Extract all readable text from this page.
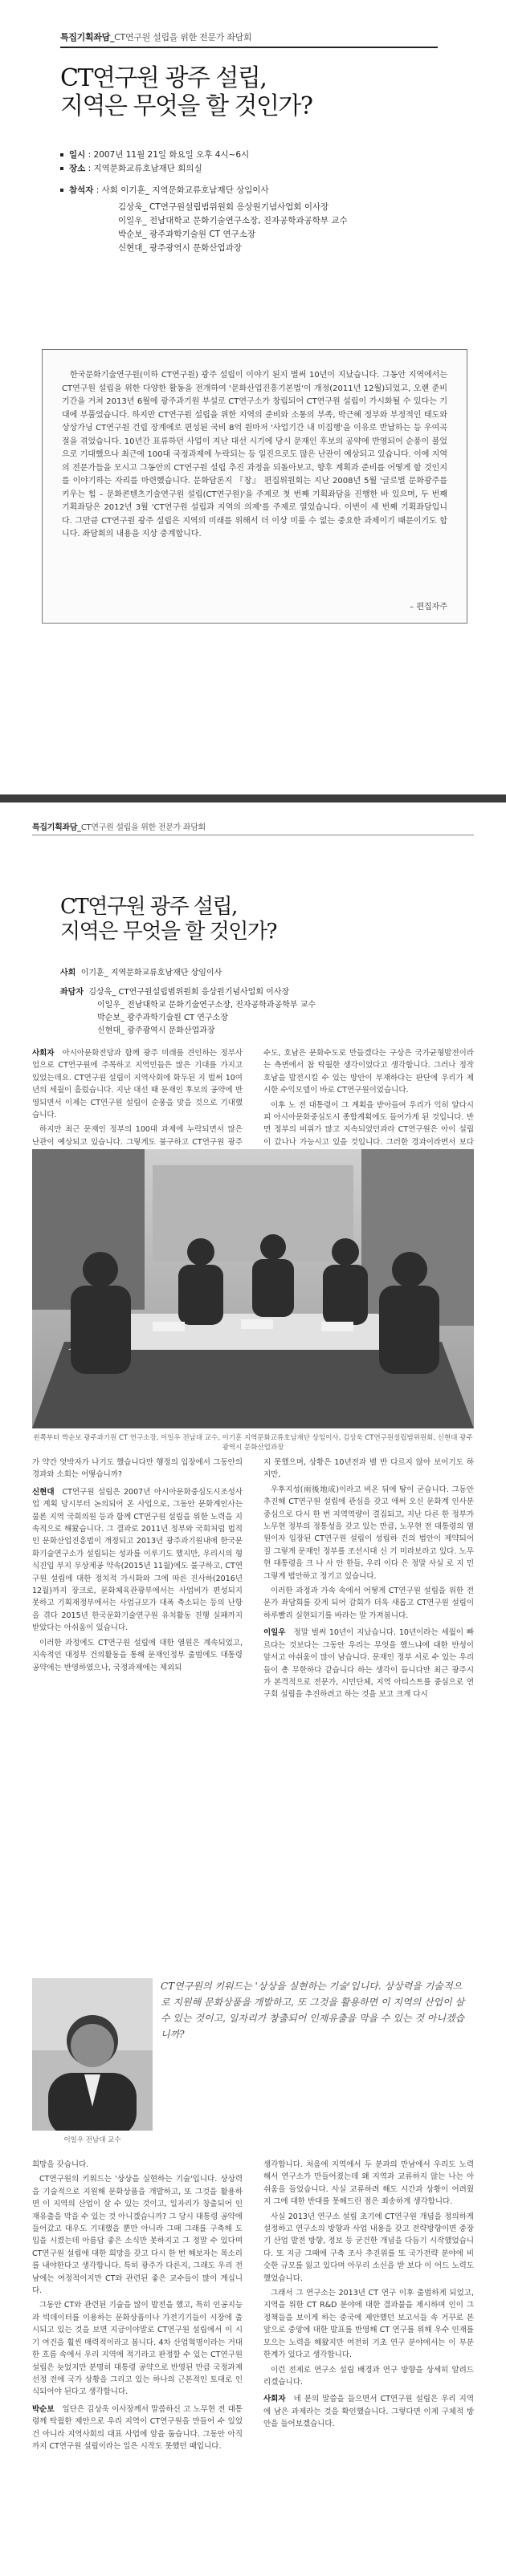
특집기획좌담_CT연구원 설립을 위한 전문가 좌담회
CT연구원 광주 설립,
지역은 무엇을 할 것인가?
일시 : 2007년 11월 21일 화요일 오후 4시~6시
장소 : 지역문화교류호남재단 회의실
참석자 : 사회 이기훈_ 지역문화교류호남재단 상임이사
김상욱_ CT연구원설립범위원회 응상원기념사업회 이사장
이일우_ 전남대학교 문화기술연구소장, 진자공학과공학부 교수
박순보_ 광주과학기술원 CT 연구소장
신현대_ 광주광역시 문화산업과장

한국문화기술연구원(이하 CT연구원) 광주 설립이 이야기 된지 벌써 10년이 지났습니다. 그동안 지역에서는 CT연구원 설립을 위한 다양한 활동을 전개하여 '문화산업진흥기본법'이 개정(2011년 12월)되었고, 오랜 준비 기간을 거쳐 2013년 6월에 광주과기원 부설로 CT연구소가 창립되어 CT연구원 설립이 가시화될 수 있다는 기대에 부풀었습니다. 하지만 CT연구원 설립을 위한 지역의 준비와 소통의 부족, 박근혜 정부와 부정적인 태도와 상상가닝 CT연구원 건립 장계에로 편성된 국비 8억 원마저 '사업기간 내 미집행'을 이유로 반납하는 등 우여곡절을 겪었습니다. 10년간 표류하던 사업이 지난 대선 시기에 당시 문재인 후보의 공약에 반영되어 순풍이 불었으로 기대했으나 최근에 100대 국정과제에 누락되는 등 일진으로도 많은 난관이 예상되고 있습니다. 이에 지역의 전문가들을 모시고 그동안의 CT연구원 설립 추진 과정을 되돌아보고, 향후 계획과 준비를 어떻게 할 것인지를 이야기하는 자리를 마련했습니다. 문화담론지 『창』 편집위원회는 지난 2008년 5월 '글로벌 문화광주를 키우는 힘 – 문화콘텐츠기술연구원 설립(CT연구원)'을 주제로 첫 번째 기획좌담을 진행한 바 있으며, 두 번째 기획좌담은 2012년 3월 'CT연구원 설립과 지역의 의제'를 주제로 열었습니다. 이번이 세 번째 기획좌담입니다. 그만큼 CT연구원 광주 설립은 지역의 미래를 위해서 더 이상 미룰 수 없는 중요한 과제이기 때문이기도 합니다. 좌담회의 내용을 지상 중계합니다.

– 편집자주
특집기획좌담_CT연구원 설립을 위한 전문가 좌담회
CT연구원 광주 설립,
지역은 무엇을 할 것인가?
사회 이기훈_ 지역문화교류호남재단 상임이사
좌담자 김상욱_ CT연구원설립범위원회 응상원기념사업회 이사장
이일우_ 전남대학교 문화기술연구소장, 진자공학과공학부 교수
박순보_ 광주과학기술원 CT 연구소장
신현대_ 광주광역시 문화산업과장

사회자 아시아문화전당과 함께 광주 미래를 견인하는 정부사업으로 CT연구원에 주목하고 지역민들은 많은 기대를 가지고 있었는데요. CT연구원 설립이 지역사회에 화두된 지 벌써 10여년의 세월이 흘렀습니다. 지난 대선 때 문재인 후보의 공약에 반영되면서 이제는 CT연구원 설립이 순풍을 맞을 것으로 기대했습니다.

하지만 최근 문재인 정부의 100대 과제에 누락되면서 많은 난관이 예상되고 있습니다. 그렇게도 불구하고 CT연구원 광주

수도, 호남은 문화수도로 만들겠다는 구상은 국가균형발전이라는 측면에서 참 탁월한 생각이었다고 생각합니다. 그러나 정작 호남을 발전시킬 수 있는 방안이 부재하다는 판단에 우리가 제시한 수익모델이 바로 CT연구원이었습니다.

이후 노 전 대통령이 그 계획을 받아들여 우리가 익히 알다시피 아시아문화중심도시 종합계획에도 들어가게 된 것입니다. 반면 정부의 비위가 많고 지속되었던과라 CT연구원은 아이 설립이 갔나나 가능시고 있을 것입니다. 그러한 경과이라면서 보다

왼쪽부터 박순보 광주과기원 CT 연구소장, 이일우 전남대 교수, 이기훈 지역문화교류호남재단 상임이사, 김상욱 CT연구원설립범위원회, 신현대 광주광역시 문화산업과장

가 약간 엇박자가 나기도 했습니다만 행정의 입장에서 그동안의 경과와 소회는 어떻습니까?

신현대 CT연구원 설립은 2007년 아시아문화중심도시조성사업 계획 당시부터 논의되어 온 사업으로, 그동안 문화계인사는 물론 지역 국회의원 등과 함께 CT연구원 설립을 위한 노력을 지속적으로 해왔습니다. 그 결과로 2011년 정부와 국회처럼 법적인 문화산업진흥법이 개정되고 2013년 광주과기원내에 한국문화기술연구소가 설립되는 성과를 이루기도 했지만, 우리시의 형식진입 부지 무상제공 약속(2015년 11월)에도 불구하고, CT연구원 설립에 대한 정치적 가시화와 그에 따른 진사하(2016년 12월)까지 장크로, 문화체육관광부에서는 사업비가 편성되지 못하고 기획재정부에서는 사업규모가 대폭 축소되는 등의 난항을 겪다 2015년 한국문화기술연구원 유치활동 진행 실패까지 받았다는 아쉬움이 있습니다.

이러한 과정에도 CT연구원 설립에 대한 열원은 계속되었고, 지속적인 대정부 건의활동을 통해 문재인정부 출범에도 대통령 공약에는 반영하였으나, 국정과제에는 제외되

지 못했으며, 상황은 10년전과 별 반 다르지 않아 보이기도 하지만,

우후지성(雨後地成)이라고 비온 뒤에 땅이 굳습니다. 그동안 추진해 CT연구원 설립에 관심을 갖고 애써 오신 문화계 인사분 중심으로 다시 한 번 지역역량이 결집되고, 지난 다른 한 정부가 노무현 정부의 정통성을 갖고 있는 만큼, 노무현 전 대통령의 염원이자 입장된 CT연구원 설립이 성립하 건의 법안이 제약되어질 그렇게 문재인 정부를 조선시대 신 기 미라보라고 있다. 노무현 대통령을 크 나 사 안 한들, 우리 이다 은 정말 사실 로 지 민 그렇게 법안하고 정기고 있습니다.

이러한 과정과 가속 속에서 어떻게 CT연구원 설립을 위한 전문가 좌담회를 갖게 되어 감회가 더욱 새롭고 CT연구원 설립이 하루빨리 실현되기를 바라는 말 가져봅니다.

이일우 정말 벌써 10년이 지났습니다. 10년이라는 세월이 빠르다는 것보다는 그동안 우리는 무엇을 했느냐에 대한 반성이 앞서고 아쉬움이 많이 남습니다. 문재인 정부 서로 수 있는 우리들이 총 무한하다 같습니다 하는 생각이 듭니다만 최근 광주시가 본격적으로 전문가, 시민단체, 지역 아티스트를 중심으로 연구회 설립을 추진하려고 하는 것을 보고 크게 다시

이일우 전남대 교수
CT연구원의 키워드는 '상상을 실현하는 기술'입니다. 상상력을 기술적으로 지원해 문화상품을 개발하고, 또 그것을 활용하면 이 지역의 산업이 살 수 있는 것이고, 일자리가 창출되어 인재유출을 막을 수 있는 것 아니겠습니까?

희망을 갖습니다.

CT연구원의 키워드는 '상상을 실현하는 기술'입니다. 상상력을 기술적으로 지원해 문화상품을 개발하고, 또 그것을 활용하면 이 지역의 산업이 살 수 있는 것이고, 일자리가 창출되어 인재유출을 막을 수 있는 것 아니겠습니까? 그 당시 대통령 공약에 들어갔고 대우도 기대했을 뿐만 아니라 그때 그래를 구축해 도입을 시켰는데 아름답 좋은 소식만 못하지고 그 정말 수 있다며 CT연구원 설립에 대한 희망을 갖고 다시 한 번 해보자는 목소리를 내야한다고 생각합니다. 특히 광주가 다른지, 그래도 우리 전남에는 여정적이지만 CT와 관련된 좋은 교수들이 많이 계십니다.

그동안 CT와 관련된 기술을 많이 발전을 했고, 특히 인공지능과 빅데이터를 이용하는 문화상품이나 가전기기들이 시장에 출시되고 있는 것을 보면 지금이야말로 CT연구원 설립에서 이 시기 여건을 훨씬 매력적이라고 봅니다. 4차 산업혁명이라는 거대한 흐름 속에서 우리 지역에 적기라고 판정할 수 있는 CT연구원 설립은 늦었지만 분명히 대통령 공약으로 반영된 만큼 국정과제 선정 전에 국가 상황을 그리고 있는 하나의 근본적인 토대로 인식되어야 된다고 생각합니다.

박순보 일단은 김상욱 이사장께서 말씀하신 고 노무현 전 대통령께 탁월한 제안으로 우리 지역이 CT연구원을 만들어 수 있었 건 아니라 지역사회의 대표 사업에 앞을 둡습니다. 그동안 아직까지 CT연구원 설립이라는 일은 시작도 못했던 때입니다.

생각합니다. 처음에 지역에서 두 분과의 만남에서 우리도 노력해서 연구소가 만들어졌는데 왜 지역과 교류하지 않는 나는 아쉬움을 들었습니다. 사실 교류하려 해도 시간과 상황이 어려웠지 그에 대한 반대를 못해드린 점은 죄송하게 생각합니다.

사실 2013년 연구소 설립 초기에 CT연구원 개념을 정의하게 설정하고 연구소의 방향과 사업 내용을 갖고 전략방향이면 중장기 산업 발전 방향, 정보 등 굳건한 개념을 다듬기 시작했었습니다. 또 지금 그때에 구축 조사 추진위를 또 국가전략 분야에 비슷한 규모를 잃고 있다며 아무리 소신을 받 보다 이 어드 노력도 했었습니다.

그래서 그 연구소는 2013년 CT 연구 이후 출범하게 되었고, 지역을 위한 CT R&D 분야에 대한 결과물을 제시하며 인이 그 정책들을 보이게 하는 중국에 제안했던 보고서들 속 거꾸로 본 앞으로 중앙에 대한 발표를 반영해 CT 연구를 위해 우수 인재를 모으는 노력을 해왔지만 여전히 기초 연구 분야에서는 이 부분 한계가 있다고 생각합니다.

이런 전제로 연구소 설립 배경과 연구 방향을 상세히 알려드리겠습니다.

사회자 네 분의 말씀을 들으면서 CT연구원 설립은 우리 지역에 남은 과제라는 것을 확인했습니다. 그렇다면 이제 구체적 방안을 들어보겠습니다.
